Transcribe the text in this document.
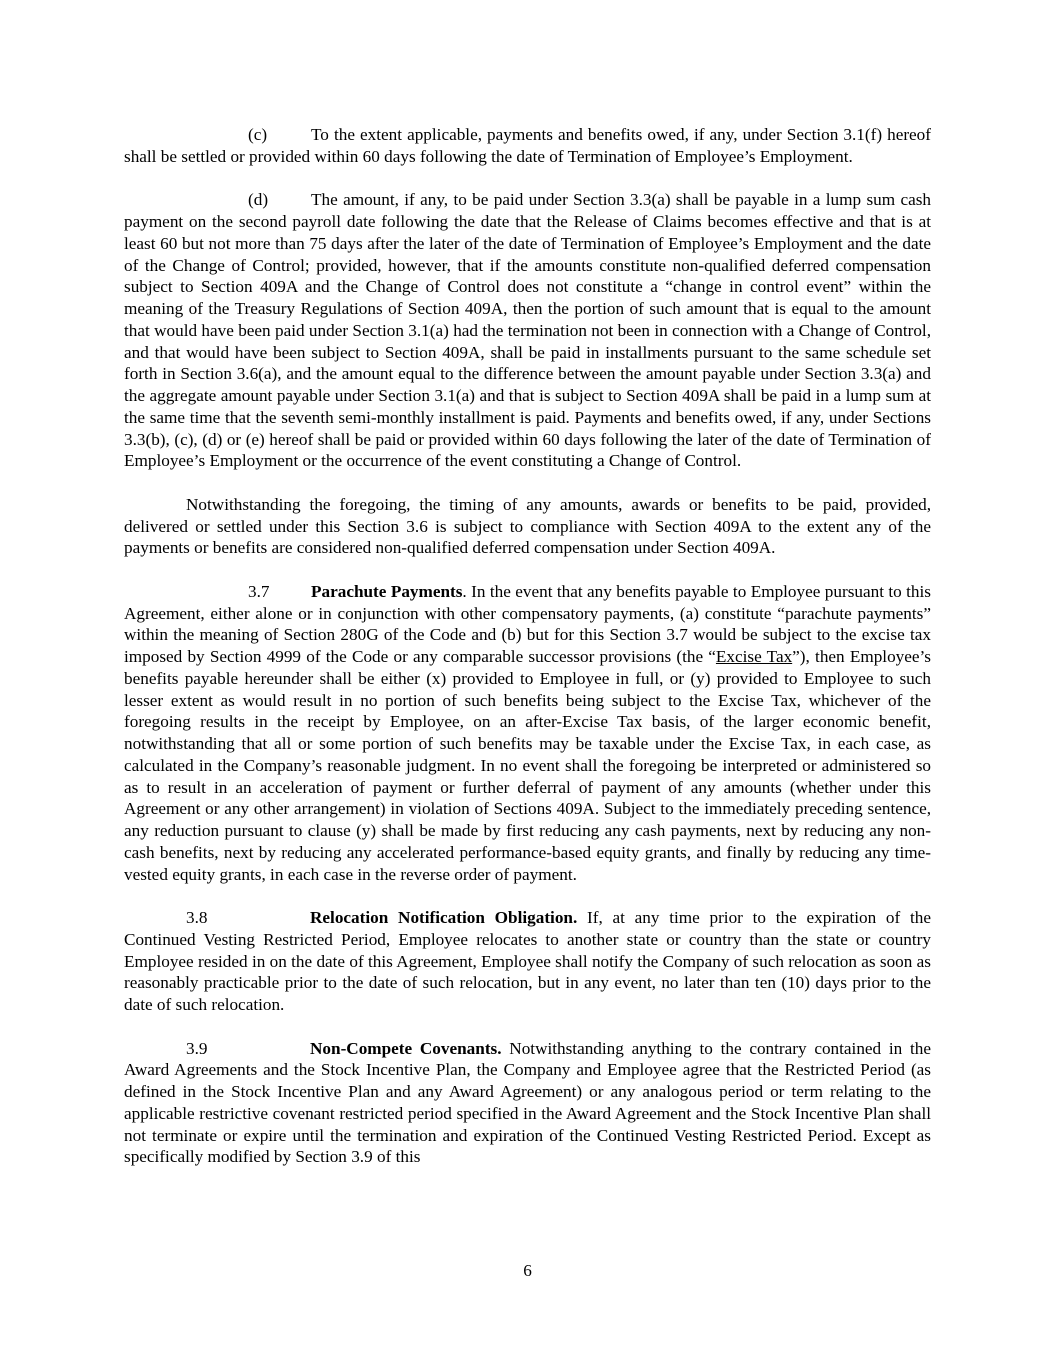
(c)	To the extent applicable, payments and benefits owed, if any, under Section 3.1(f) hereof shall be settled or provided within 60 days following the date of Termination of Employee’s Employment.

(d) The amount, if any, to be paid under Section 3.3(a) shall be payable in a lump sum cash payment on the second payroll date following the date that the Release of Claims becomes effective and that is at least 60 but not more than 75 days after the later of the date of Termination of Employee’s Employment and the date of the Change of Control; provided, however, that if the amounts constitute non-qualified deferred compensation subject to Section 409A and the Change of Control does not constitute a “change in control event” within the meaning of the Treasury Regulations of Section 409A, then the portion of such amount that is equal to the amount that would have been paid under Section 3.1(a) had the termination not been in connection with a Change of Control, and that would have been subject to Section 409A, shall be paid in installments pursuant to the same schedule set forth in Section 3.6(a), and the amount equal to the difference between the amount payable under Section 3.3(a) and the aggregate amount payable under Section 3.1(a) and that is subject to Section 409A shall be paid in a lump sum at the same time that the seventh semi-monthly installment is paid. Payments and benefits owed, if any, under Sections 3.3(b), (c), (d) or (e) hereof shall be paid or provided within 60 days following the later of the date of Termination of Employee’s Employment or the occurrence of the event constituting a Change of Control.

Notwithstanding the foregoing, the timing of any amounts, awards or benefits to be paid, provided, delivered or settled under this Section 3.6 is subject to compliance with Section 409A to the extent any of the payments or benefits are considered non-qualified deferred compensation under Section 409A.

3.7 Parachute Payments. In the event that any benefits payable to Employee pursuant to this Agreement, either alone or in conjunction with other compensatory payments, (a) constitute “parachute payments” within the meaning of Section 280G of the Code and (b) but for this Section 3.7 would be subject to the excise tax imposed by Section 4999 of the Code or any comparable successor provisions (the “Excise Tax”), then Employee’s benefits payable hereunder shall be either (x) provided to Employee in full, or (y) provided to Employee to such lesser extent as would result in no portion of such benefits being subject to the Excise Tax, whichever of the foregoing results in the receipt by Employee, on an after-Excise Tax basis, of the larger economic benefit, notwithstanding that all or some portion of such benefits may be taxable under the Excise Tax, in each case, as calculated in the Company’s reasonable judgment. In no event shall the foregoing be interpreted or administered so as to result in an acceleration of payment or further deferral of payment of any amounts (whether under this Agreement or any other arrangement) in violation of Sections 409A. Subject to the immediately preceding sentence, any reduction pursuant to clause (y) shall be made by first reducing any cash payments, next by reducing any non-cash benefits, next by reducing any accelerated performance-based equity grants, and finally by reducing any time-vested equity grants, in each case in the reverse order of payment.

3.8	Relocation Notification Obligation. If, at any time prior to the expiration of the Continued Vesting Restricted Period, Employee relocates to another state or country than the state or country Employee resided in on the date of this Agreement, Employee shall notify the Company of such relocation as soon as reasonably practicable prior to the date of such relocation, but in any event, no later than ten (10) days prior to the date of such relocation.

3.9	Non-Compete Covenants. Notwithstanding anything to the contrary contained in the Award Agreements and the Stock Incentive Plan, the Company and Employee agree that the Restricted Period (as defined in the Stock Incentive Plan and any Award Agreement) or any analogous period or term relating to the applicable restrictive covenant restricted period specified in the Award Agreement and the Stock Incentive Plan shall not terminate or expire until the termination and expiration of the Continued Vesting Restricted Period. Except as specifically modified by Section 3.9 of this

6
